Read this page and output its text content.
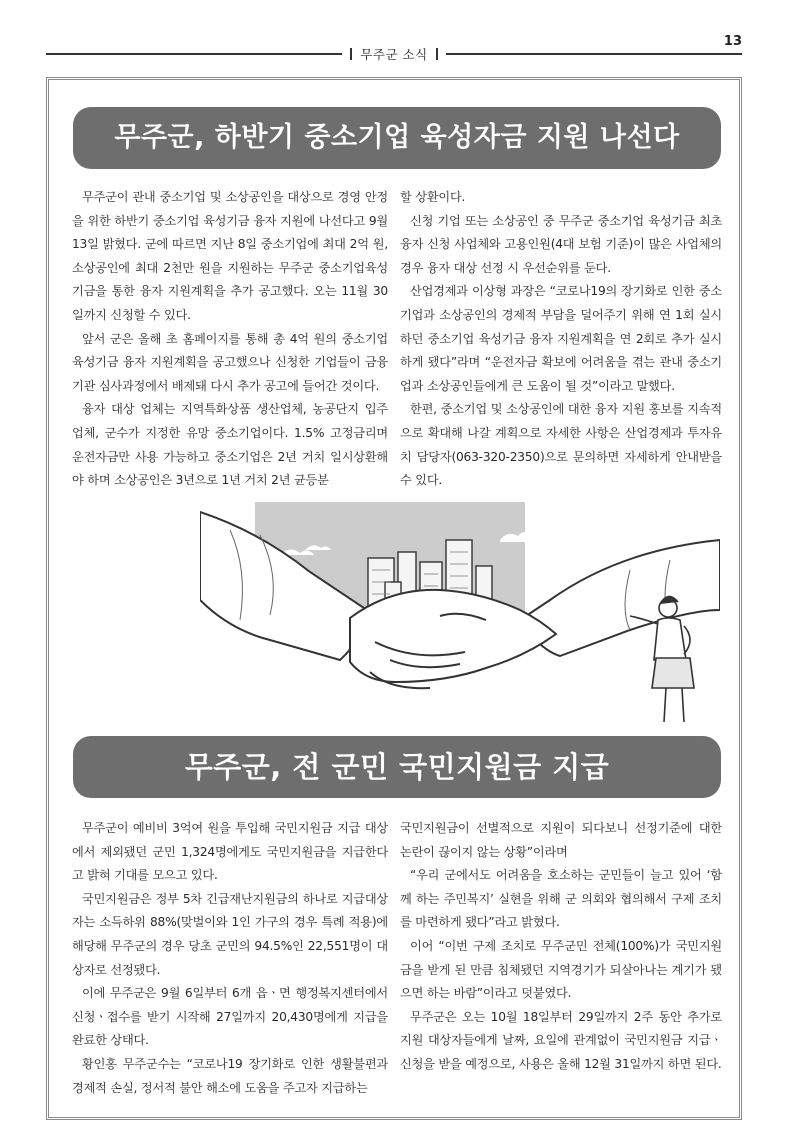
13
무주군 소식
무주군, 하반기 중소기업 육성자금 지원 나선다

무주군이 관내 중소기업 및 소상공인을 대상으로 경영 안정을 위한 하반기 중소기업 육성기금 융자 지원에 나선다고 9월 13일 밝혔다. 군에 따르면 지난 8일 중소기업에 최대 2억 원, 소상공인에 최대 2천만 원을 지원하는 무주군 중소기업육성기금을 통한 융자 지원계획을 추가 공고했다. 오는 11월 30일까지 신청할 수 있다.

앞서 군은 올해 초 홈페이지를 통해 총 4억 원의 중소기업 육성기금 융자 지원계획을 공고했으나 신청한 기업들이 금융기관 심사과정에서 배제돼 다시 추가 공고에 들어간 것이다.

융자 대상 업체는 지역특화상품 생산업체, 농공단지 입주 업체, 군수가 지정한 유망 중소기업이다. 1.5% 고정금리며 운전자금만 사용 가능하고 중소기업은 2년 거치 일시상환해야 하며 소상공인은 3년으로 1년 거치 2년 균등분

할 상환이다.

신청 기업 또는 소상공인 중 무주군 중소기업 육성기금 최초 융자 신청 사업체와 고용인원(4대 보험 기준)이 많은 사업체의 경우 융자 대상 선정 시 우선순위를 둔다.

산업경제과 이상형 과장은 “코로나19의 장기화로 인한 중소기업과 소상공인의 경제적 부담을 덜어주기 위해 연 1회 실시하던 중소기업 육성기금 융자 지원계획을 연 2회로 추가 실시하게 됐다”라며 “운전자금 확보에 어려움을 겪는 관내 중소기업과 소상공인들에게 큰 도움이 될 것”이라고 말했다.

한편, 중소기업 및 소상공인에 대한 융자 지원 홍보를 지속적으로 확대해 나갈 계획으로 자세한 사항은 산업경제과 투자유치 담당자(063-320-2350)으로 문의하면 자세하게 안내받을 수 있다.

무주군, 전 군민 국민지원금 지급

무주군이 예비비 3억여 원을 투입해 국민지원금 지급 대상에서 제외됐던 군민 1,324명에게도 국민지원금을 지급한다고 밝혀 기대를 모으고 있다.

국민지원금은 정부 5차 긴급재난지원금의 하나로 지급대상자는 소득하위 88%(맞벌이와 1인 가구의 경우 특례 적용)에 해당해 무주군의 경우 당초 군민의 94.5%인 22,551명이 대상자로 선정됐다.

이에 무주군은 9월 6일부터 6개 읍ㆍ면 행정복지센터에서 신청ㆍ접수를 받기 시작해 27일까지 20,430명에게 지급을 완료한 상태다.

황인홍 무주군수는 “코로나19 장기화로 인한 생활불편과 경제적 손실, 정서적 불안 해소에 도움을 주고자 지급하는

국민지원금이 선별적으로 지원이 되다보니 선정기준에 대한 논란이 끊이지 않는 상황”이라며

“우리 군에서도 어려움을 호소하는 군민들이 늘고 있어 ‘함께 하는 주민복지’ 실현을 위해 군 의회와 협의해서 구제 조치를 마련하게 됐다”라고 밝혔다.

이어 “이번 구제 조치로 무주군민 전체(100%)가 국민지원금을 받게 된 만큼 침체됐던 지역경기가 되살아나는 계기가 됐으면 하는 바람”이라고 덧붙였다.

무주군은 오는 10월 18일부터 29일까지 2주 동안 추가로 지원 대상자들에게 날짜, 요일에 관계없이 국민지원금 지급ㆍ신청을 받을 예정으로, 사용은 올해 12월 31일까지 하면 된다.
